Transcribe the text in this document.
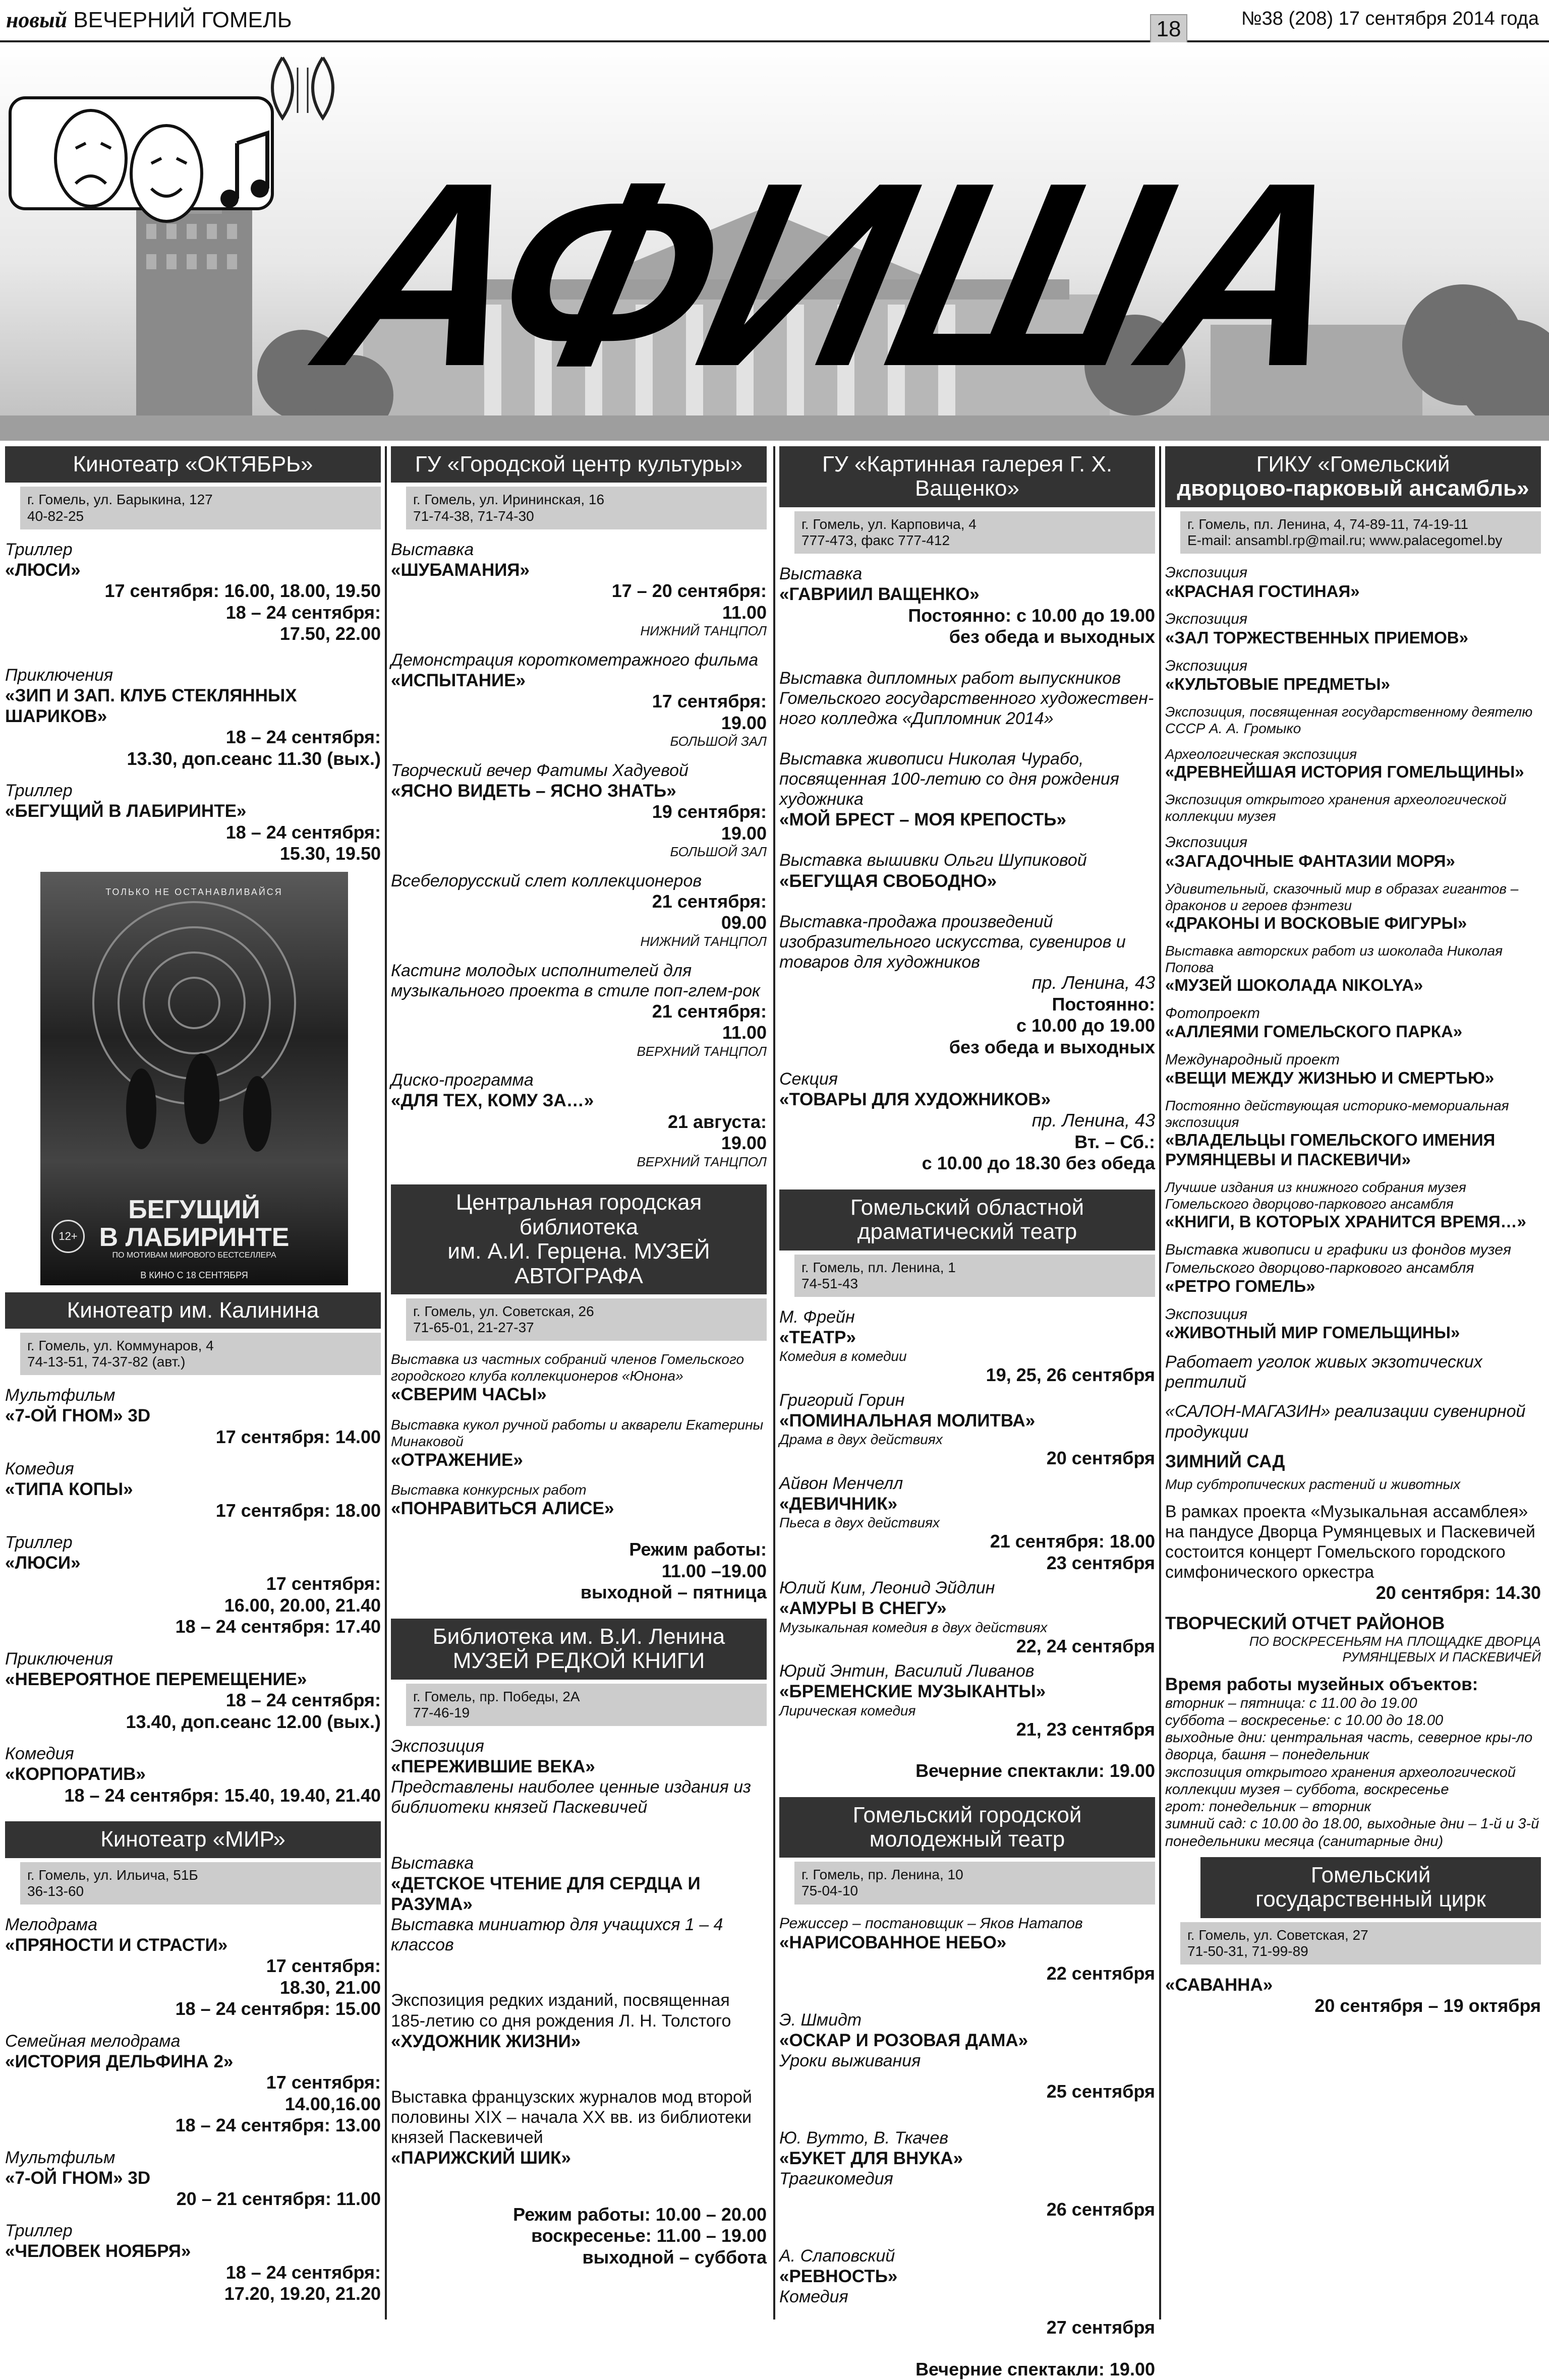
новый ВЕЧЕРНИЙ ГОМЕЛЬ	18	№38 (208) 17 сентября 2014 года
АФИША
Кинотеатр «ОКТЯБРЬ»
г. Гомель, ул. Барыкина, 127
40-82-25
Триллер
«ЛЮСИ»
17 сентября: 16.00, 18.00, 19.50
18 – 24 сентября:
17.50, 22.00
Приключения
«ЗИП И ЗАП. КЛУБ СТЕКЛЯННЫХ ШАРИКОВ»
18 – 24 сентября:
13.30, доп.сеанс 11.30 (вых.)
Триллер
«БЕГУЩИЙ В ЛАБИРИНТЕ»
18 – 24 сентября:
15.30, 19.50
ТОЛЬКО НЕ ОСТАНАВЛИВАЙСЯ
БЕГУЩИЙ
В ЛАБИРИНТЕ
ПО МОТИВАМ МИРОВОГО БЕСТСЕЛЛЕРА
12+
В КИНО С 18 СЕНТЯБРЯ
Кинотеатр им. Калинина
г. Гомель, ул. Коммунаров, 4
74-13-51, 74-37-82 (авт.)
Мультфильм
«7-ОЙ ГНОМ» 3D
17 сентября: 14.00
Комедия
«ТИПА КОПЫ»
17 сентября: 18.00
Триллер
«ЛЮСИ»
17 сентября:
16.00, 20.00, 21.40
18 – 24 сентября: 17.40
Приключения
«НЕВЕРОЯТНОЕ ПЕРЕМЕЩЕНИЕ»
18 – 24 сентября:
13.40, доп.сеанс 12.00 (вых.)
Комедия
«КОРПОРАТИВ»
18 – 24 сентября: 15.40, 19.40, 21.40
Кинотеатр «МИР»
г. Гомель, ул. Ильича, 51Б
36-13-60
Мелодрама
«ПРЯНОСТИ И СТРАСТИ»
17 сентября:
18.30, 21.00
18 – 24 сентября: 15.00
Семейная мелодрама
«ИСТОРИЯ ДЕЛЬФИНА 2»
17 сентября:
14.00,16.00
18 – 24 сентября: 13.00
Мультфильм
«7-ОЙ ГНОМ» 3D
20 – 21 сентября: 11.00
Триллер
«ЧЕЛОВЕК НОЯБРЯ»
18 – 24 сентября:
17.20, 19.20, 21.20
ГУ «Городской центр культуры»
г. Гомель, ул. Ирининская, 16
71-74-38, 71-74-30
Выставка
«ШУБАМАНИЯ»
17 – 20 сентября:
11.00
НИЖНИЙ ТАНЦПОЛ
Демонстрация короткометражного фильма
«ИСПЫТАНИЕ»
17 сентября:
19.00
БОЛЬШОЙ ЗАЛ
Творческий вечер Фатимы Хадуевой
«ЯСНО ВИДЕТЬ – ЯСНО ЗНАТЬ»
19 сентября:
19.00
БОЛЬШОЙ ЗАЛ
Всебелорусский слет коллекционеров
21 сентября:
09.00
НИЖНИЙ ТАНЦПОЛ
Кастинг молодых исполнителей для музыкального проекта в стиле поп-глем-рок
21 сентября:
11.00
ВЕРХНИЙ ТАНЦПОЛ
Диско-программа
«ДЛЯ ТЕХ, КОМУ ЗА…»
21 августа:
19.00
ВЕРХНИЙ ТАНЦПОЛ
Центральная городская библиотека
им. А.И. Герцена. МУЗЕЙ АВТОГРАФА
г. Гомель, ул. Советская, 26
71-65-01, 21-27-37
Выставка из частных собраний членов Гомельского городского клуба коллекционеров «Юнона»
«СВЕРИМ ЧАСЫ»
Выставка кукол ручной работы и акварели Екатерины Минаковой
«ОТРАЖЕНИЕ»
Выставка конкурсных работ
«ПОНРАВИТЬСЯ АЛИСЕ»
Режим работы:
11.00 –19.00
выходной – пятница
Библиотека им. В.И. Ленина
МУЗЕЙ РЕДКОЙ КНИГИ
г. Гомель, пр. Победы, 2А
77-46-19
Экспозиция
«ПЕРЕЖИВШИЕ ВЕКА»
Представлены наиболее ценные издания из библиотеки князей Паскевичей
Выставка
«ДЕТСКОЕ ЧТЕНИЕ ДЛЯ СЕРДЦА И РАЗУМА»
Выставка миниатюр для учащихся 1 – 4 классов
Экспозиция редких изданий, посвященная 185-летию со дня рождения Л. Н. Толстого
«ХУДОЖНИК ЖИЗНИ»
Выставка французских журналов мод второй половины XIX – начала XX вв. из библиотеки князей Паскевичей
«ПАРИЖСКИЙ ШИК»
Режим работы: 10.00 – 20.00
воскресенье: 11.00 – 19.00
выходной – суббота
ГУ «Картинная галерея Г. Х. Ващенко»
г. Гомель, ул. Карповича, 4
777-473, факс 777-412
Выставка
«ГАВРИИЛ ВАЩЕНКО»
Постоянно: с 10.00 до 19.00
без обеда и выходных
Выставка дипломных работ выпускников Гомельского государственного художествен-ного колледжа «Дипломник 2014»
Выставка живописи Николая Чурабо, посвященная 100-летию со дня рождения художника
«МОЙ БРЕСТ – МОЯ КРЕПОСТЬ»
Выставка вышивки Ольги Шупиковой
«БЕГУЩАЯ СВОБОДНО»
Выставка-продажа произведений изобразительного искусства, сувениров и товаров для художников
пр. Ленина, 43
Постоянно:
с 10.00 до 19.00
без обеда и выходных
Секция
«ТОВАРЫ ДЛЯ ХУДОЖНИКОВ»
пр. Ленина, 43
Вт. – Сб.:
с 10.00 до 18.30 без обеда
Гомельский областной драматический театр
г. Гомель, пл. Ленина, 1
74-51-43
М. Фрейн
«ТЕАТР»
Комедия в комедии
19, 25, 26 сентября
Григорий Горин
«ПОМИНАЛЬНАЯ МОЛИТВА»
Драма в двух действиях
20 сентября
Айвон Менчелл
«ДЕВИЧНИК»
Пьеса в двух действиях
21 сентября: 18.00
23 сентября
Юлий Ким, Леонид Эйдлин
«АМУРЫ В СНЕГУ»
Музыкальная комедия в двух действиях
22, 24 сентября
Юрий Энтин, Василий Ливанов
«БРЕМЕНСКИЕ МУЗЫКАНТЫ»
Лирическая комедия
21, 23 сентября
Вечерние спектакли: 19.00
Гомельский городской молодежный театр
г. Гомель, пр. Ленина, 10
75-04-10
Режиссер – постановщик – Яков Натапов
«НАРИСОВАННОЕ НЕБО»
22 сентября
Э. Шмидт
«ОСКАР И РОЗОВАЯ ДАМА»
Уроки выживания
25 сентября
Ю. Вутто, В. Ткачев
«БУКЕТ ДЛЯ ВНУКА»
Трагикомедия
26 сентября
А. Слаповский
«РЕВНОСТЬ»
Комедия
27 сентября
Вечерние спектакли: 19.00
ГИКУ «Гомельский
дворцово-парковый ансамбль»
г. Гомель, пл. Ленина, 4, 74-89-11, 74-19-11
E-mail: ansambl.rp@mail.ru; www.palacegomel.by
Экспозиция
«КРАСНАЯ ГОСТИНАЯ»
Экспозиция
«ЗАЛ ТОРЖЕСТВЕННЫХ ПРИЕМОВ»
Экспозиция
«КУЛЬТОВЫЕ ПРЕДМЕТЫ»
Экспозиция, посвященная государственному деятелю СССР А. А. Громыко
Археологическая экспозиция
«ДРЕВНЕЙШАЯ ИСТОРИЯ ГОМЕЛЬЩИНЫ»
Экспозиция открытого хранения археологической коллекции музея
Экспозиция
«ЗАГАДОЧНЫЕ ФАНТАЗИИ МОРЯ»
Удивительный, сказочный мир в образах гигантов – драконов и героев фэнтези
«ДРАКОНЫ И ВОСКОВЫЕ ФИГУРЫ»
Выставка авторских работ из шоколада Николая Попова
«МУЗЕЙ ШОКОЛАДА NIKOLYA»
Фотопроект
«АЛЛЕЯМИ ГОМЕЛЬСКОГО ПАРКА»
Международный проект
«ВЕЩИ МЕЖДУ ЖИЗНЬЮ И СМЕРТЬЮ»
Постоянно действующая историко-мемориальная экспозиция
«ВЛАДЕЛЬЦЫ ГОМЕЛЬСКОГО ИМЕНИЯ РУМЯНЦЕВЫ И ПАСКЕВИЧИ»
Лучшие издания из книжного собрания музея Гомельского дворцово-паркового ансамбля
«КНИГИ, В КОТОРЫХ ХРАНИТСЯ ВРЕМЯ…»
Выставка живописи и графики из фондов музея Гомельского дворцово-паркового ансамбля
«РЕТРО ГОМЕЛЬ»
Экспозиция
«ЖИВОТНЫЙ МИР ГОМЕЛЬЩИНЫ»
Работает уголок живых экзотических рептилий
«САЛОН-МАГАЗИН» реализации сувенирной продукции
ЗИМНИЙ САД
Мир субтропических растений и животных
В рамках проекта «Музыкальная ассамблея» на пандусе Дворца Румянцевых и Паскевичей состоится концерт Гомельского городского симфонического оркестра
20 сентября: 14.30
ТВОРЧЕСКИЙ ОТЧЕТ РАЙОНОВ
ПО ВОСКРЕСЕНЬЯМ НА ПЛОЩАДКЕ ДВОРЦА РУМЯНЦЕВЫХ И ПАСКЕВИЧЕЙ
Время работы музейных объектов:
вторник – пятница: с 11.00 до 19.00
суббота – воскресенье: с 10.00 до 18.00
выходные дни: центральная часть, северное кры-ло дворца, башня – понедельник
экспозиция открытого хранения археологической коллекции музея – суббота, воскресенье
грот: понедельник – вторник
зимний сад: с 10.00 до 18.00, выходные дни – 1-й и 3-й понедельники месяца (санитарные дни)
Гомельский
государственный цирк
г. Гомель, ул. Советская, 27
71-50-31, 71-99-89
«САВАННА»
20 сентября – 19 октября
